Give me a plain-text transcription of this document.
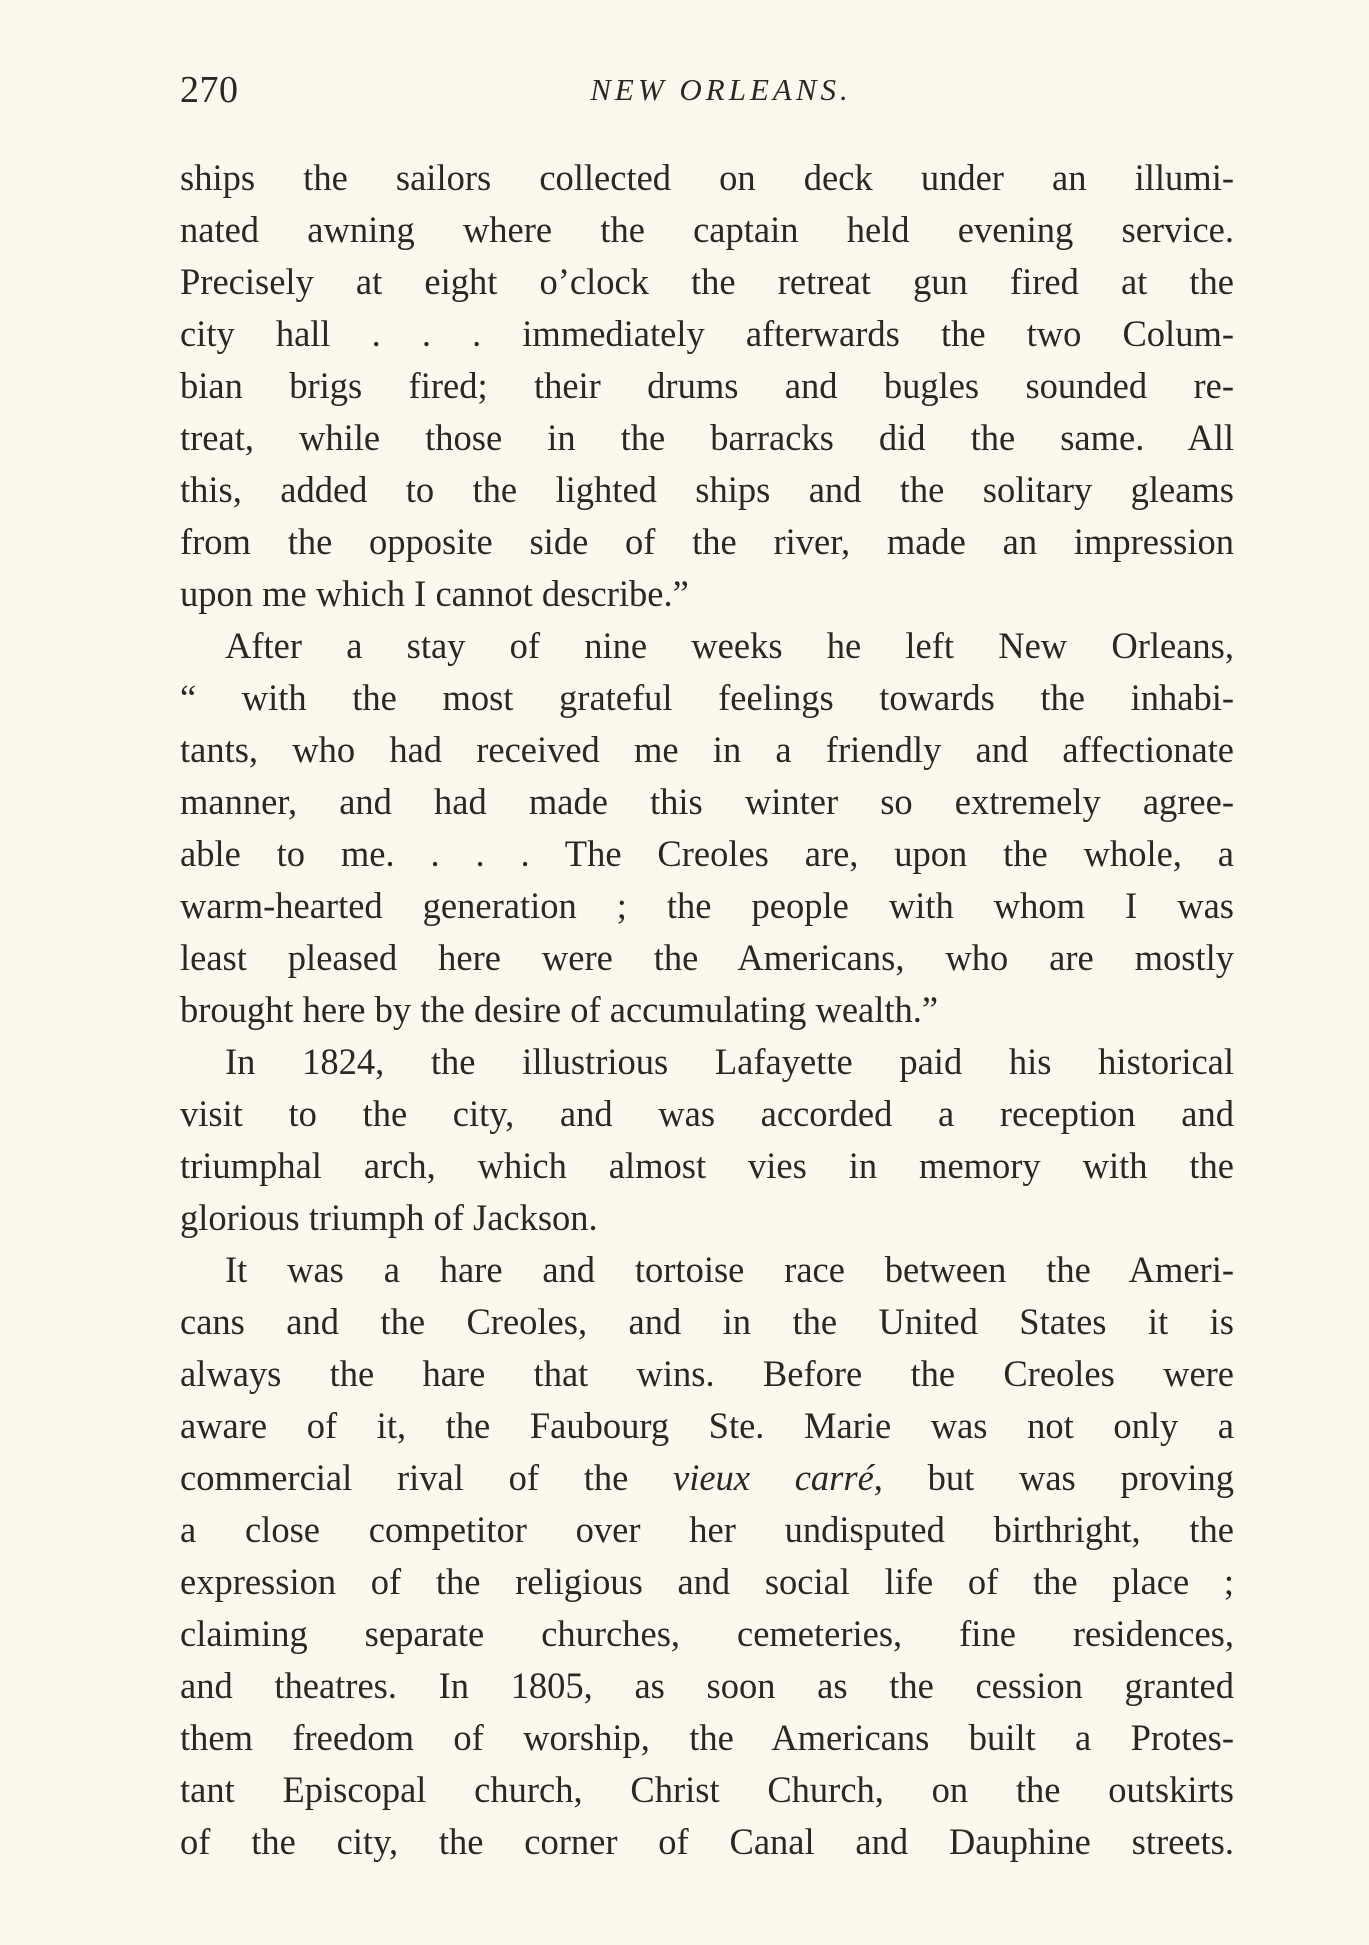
270	NEW ORLEANS.
ships the sailors collected on deck under an illumi-
nated awning where the captain held evening service.
Precisely at eight o’clock the retreat gun fired at the
city hall . . . immediately afterwards the two Colum-
bian brigs fired; their drums and bugles sounded re-
treat, while those in the barracks did the same. All
this, added to the lighted ships and the solitary gleams
from the opposite side of the river, made an impression
upon me which I cannot describe.”
After a stay of nine weeks he left New Orleans,
“ with the most grateful feelings towards the inhabi-
tants, who had received me in a friendly and affectionate
manner, and had made this winter so extremely agree-
able to me. . . . The Creoles are, upon the whole, a
warm-hearted generation ; the people with whom I was
least pleased here were the Americans, who are mostly
brought here by the desire of accumulating wealth.”
In 1824, the illustrious Lafayette paid his historical
visit to the city, and was accorded a reception and
triumphal arch, which almost vies in memory with the
glorious triumph of Jackson.
It was a hare and tortoise race between the Ameri-
cans and the Creoles, and in the United States it is
always the hare that wins. Before the Creoles were
aware of it, the Faubourg Ste. Marie was not only a
commercial rival of the vieux carré, but was proving
a close competitor over her undisputed birthright, the
expression of the religious and social life of the place ;
claiming separate churches, cemeteries, fine residences,
and theatres. In 1805, as soon as the cession granted
them freedom of worship, the Americans built a Protes-
tant Episcopal church, Christ Church, on the outskirts
of the city, the corner of Canal and Dauphine streets.
